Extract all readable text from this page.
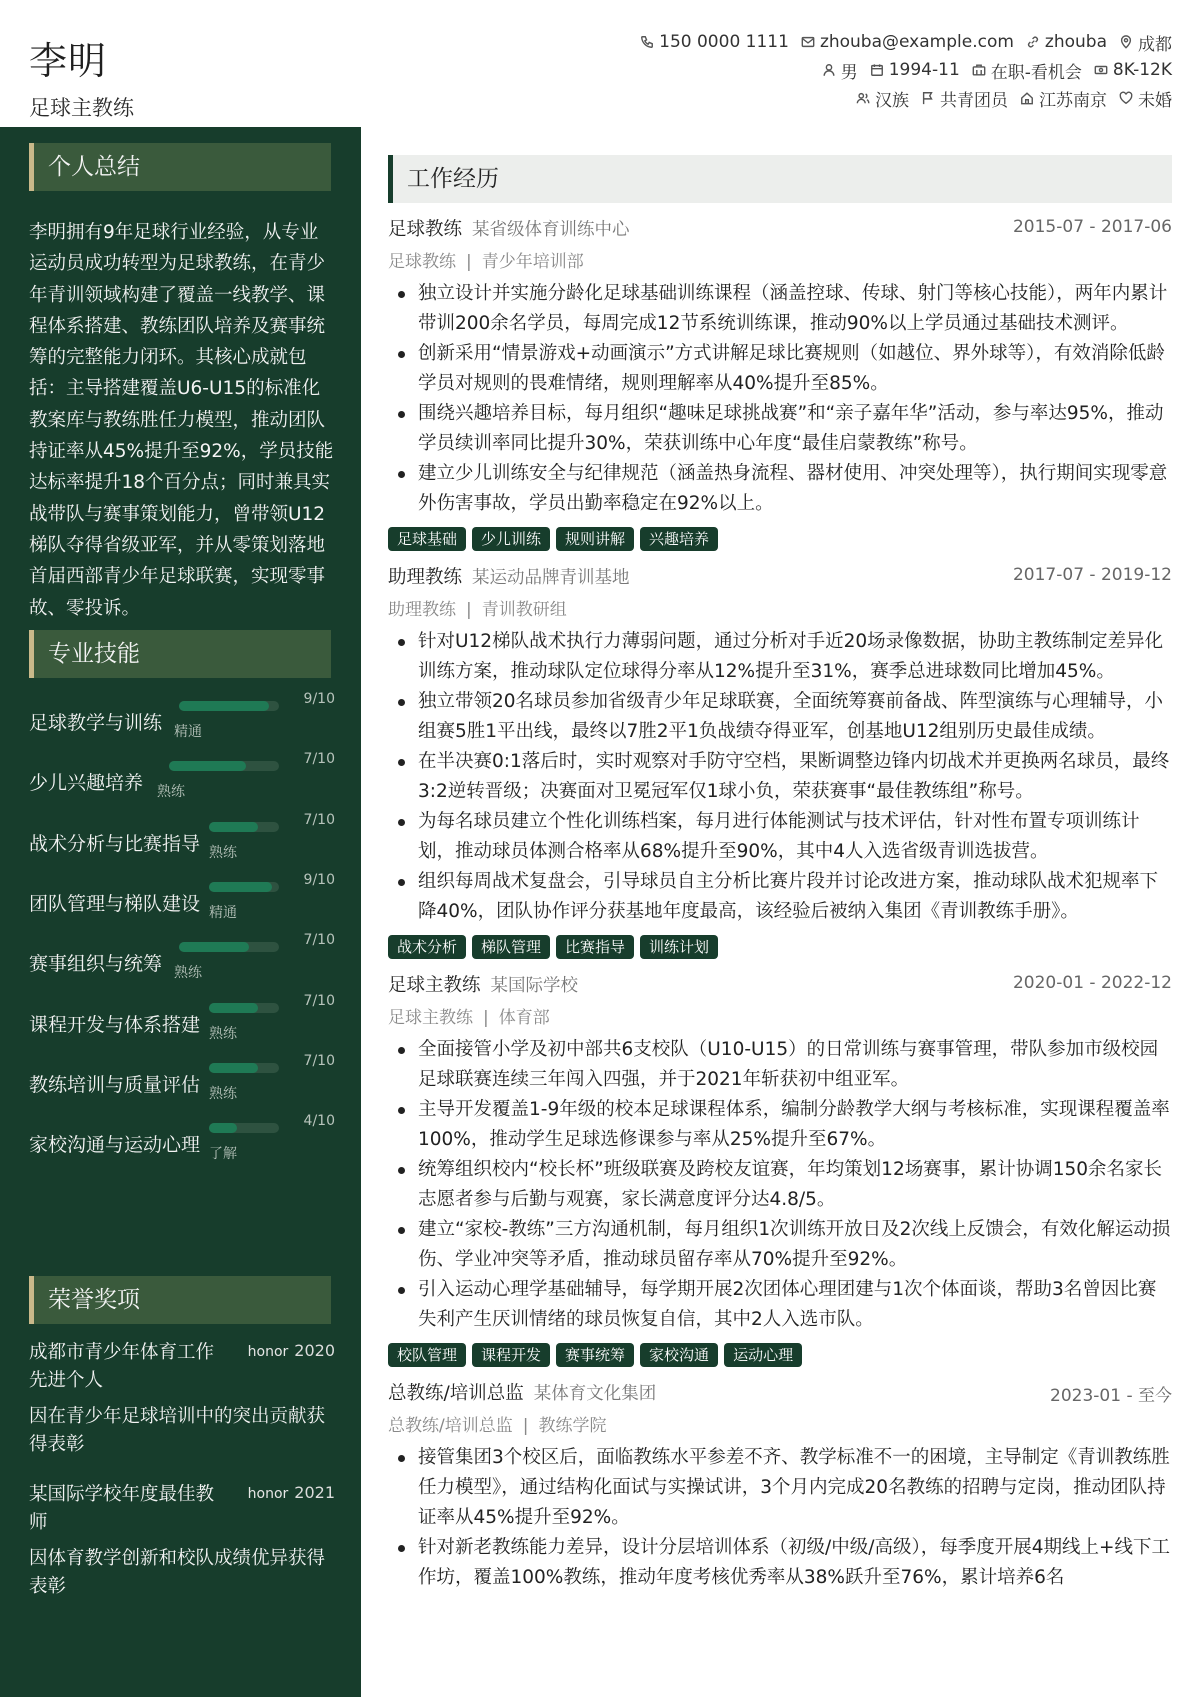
李明
足球主教练
150 0000 1111 zhouba@example.com zhouba 成都
男 1994-11 在职-看机会 8K-12K
汉族 共青团员 江苏南京 未婚
个人总结
李明拥有9年足球行业经验，从专业运动员成功转型为足球教练，在青少年青训领域构建了覆盖一线教学、课程体系搭建、教练团队培养及赛事统筹的完整能力闭环。其核心成就包括：主导搭建覆盖U6-U15的标准化教案库与教练胜任力模型，推动团队持证率从45%提升至92%，学员技能达标率提升18个百分点；同时兼具实战带队与赛事策划能力，曾带领U12梯队夺得省级亚军，并从零策划落地首届西部青少年足球联赛，实现零事故、零投诉。
专业技能
足球教学与训练
9/10
精通
少儿兴趣培养
7/10
熟练
战术分析与比赛指导
7/10
熟练
团队管理与梯队建设
9/10
精通
赛事组织与统筹
7/10
熟练
课程开发与体系搭建
7/10
熟练
教练培训与质量评估
7/10
熟练
家校沟通与运动心理
4/10
了解
荣誉奖项
成都市青少年体育工作先进个人
honor 2020
因在青少年足球培训中的突出贡献获得表彰
某国际学校年度最佳教师
honor 2021
因体育教学创新和校队成绩优异获得表彰
工作经历
足球教练 某省级体育训练中心	2015-07 - 2017-06
足球教练 | 青少年培训部
独立设计并实施分龄化足球基础训练课程（涵盖控球、传球、射门等核心技能），两年内累计带训200余名学员，每周完成12节系统训练课，推动90%以上学员通过基础技术测评。
创新采用“情景游戏+动画演示”方式讲解足球比赛规则（如越位、界外球等），有效消除低龄学员对规则的畏难情绪，规则理解率从40%提升至85%。
围绕兴趣培养目标，每月组织“趣味足球挑战赛”和“亲子嘉年华”活动，参与率达95%，推动学员续训率同比提升30%，荣获训练中心年度“最佳启蒙教练”称号。
建立少儿训练安全与纪律规范（涵盖热身流程、器材使用、冲突处理等），执行期间实现零意外伤害事故，学员出勤率稳定在92%以上。
足球基础	少儿训练	规则讲解	兴趣培养
助理教练 某运动品牌青训基地	2017-07 - 2019-12
助理教练 | 青训教研组
针对U12梯队战术执行力薄弱问题，通过分析对手近20场录像数据，协助主教练制定差异化训练方案，推动球队定位球得分率从12%提升至31%，赛季总进球数同比增加45%。
独立带领20名球员参加省级青少年足球联赛，全面统筹赛前备战、阵型演练与心理辅导，小组赛5胜1平出线，最终以7胜2平1负战绩夺得亚军，创基地U12组别历史最佳成绩。
在半决赛0:1落后时，实时观察对手防守空档，果断调整边锋内切战术并更换两名球员，最终3:2逆转晋级；决赛面对卫冕冠军仅1球小负，荣获赛事“最佳教练组”称号。
为每名球员建立个性化训练档案，每月进行体能测试与技术评估，针对性布置专项训练计划，推动球员体测合格率从68%提升至90%，其中4人入选省级青训选拔营。
组织每周战术复盘会，引导球员自主分析比赛片段并讨论改进方案，推动球队战术犯规率下降40%，团队协作评分获基地年度最高，该经验后被纳入集团《青训教练手册》。
战术分析	梯队管理	比赛指导	训练计划
足球主教练 某国际学校	2020-01 - 2022-12
足球主教练 | 体育部
全面接管小学及初中部共6支校队（U10-U15）的日常训练与赛事管理，带队参加市级校园足球联赛连续三年闯入四强，并于2021年斩获初中组亚军。
主导开发覆盖1-9年级的校本足球课程体系，编制分龄教学大纲与考核标准，实现课程覆盖率100%，推动学生足球选修课参与率从25%提升至67%。
统筹组织校内“校长杯”班级联赛及跨校友谊赛，年均策划12场赛事，累计协调150余名家长志愿者参与后勤与观赛，家长满意度评分达4.8/5。
建立“家校-教练”三方沟通机制，每月组织1次训练开放日及2次线上反馈会，有效化解运动损伤、学业冲突等矛盾，推动球员留存率从70%提升至92%。
引入运动心理学基础辅导，每学期开展2次团体心理团建与1次个体面谈，帮助3名曾因比赛失利产生厌训情绪的球员恢复自信，其中2人入选市队。
校队管理	课程开发	赛事统筹	家校沟通	运动心理
总教练/培训总监 某体育文化集团	2023-01 - 至今
总教练/培训总监 | 教练学院
接管集团3个校区后，面临教练水平参差不齐、教学标准不一的困境，主导制定《青训教练胜任力模型》，通过结构化面试与实操试讲，3个月内完成20名教练的招聘与定岗，推动团队持证率从45%提升至92%。
针对新老教练能力差异，设计分层培训体系（初级/中级/高级），每季度开展4期线上+线下工作坊，覆盖100%教练，推动年度考核优秀率从38%跃升至76%，累计培养6名
